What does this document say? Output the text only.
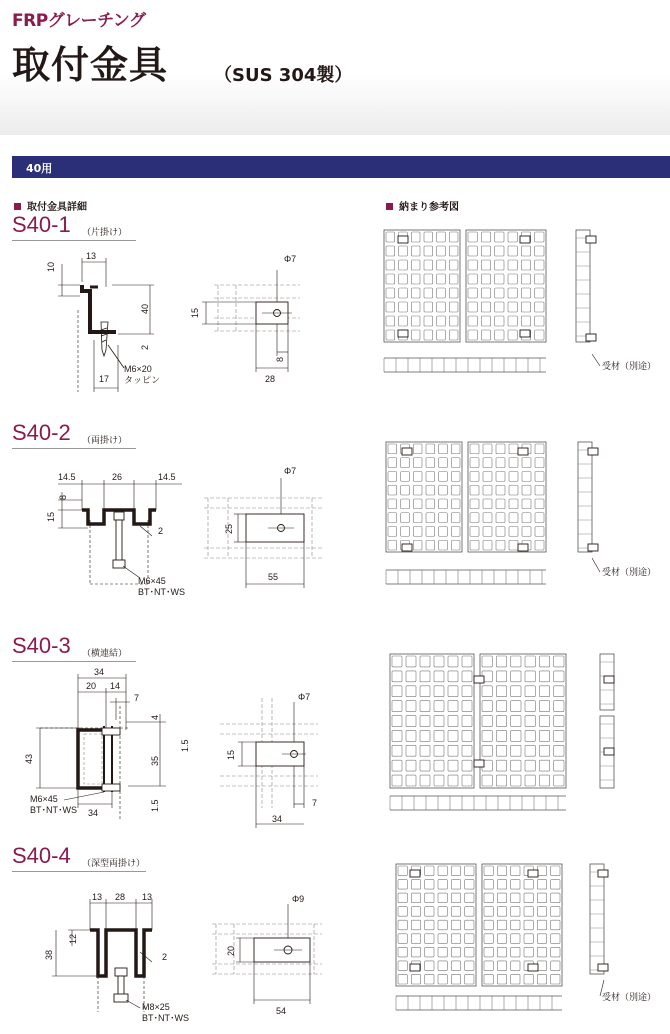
FRPグレーチング
取付金具	（SUS 304製）
40用
取付金具詳細	納まり参考図
S40-1 （片掛け）
S40-2 （両掛け）
S40-3 （横連結）
S40-4 （深型両掛け）
13
10
40
2
17
M6×20
タッピン
Φ7
15
8
28
14.5	26	14.5
8
15
2
M6×45
BT･NT･WS
Φ7
25
55
34
20 14
7
4
43	35
1.5
1.5
34
M6×45
BT･NT･WS
Φ7
15
7
34
13 28 13
12
38	2
M8×25
BT･NT･WS
Φ9
20
54
受材（別途）
受材（別途）
受材（別途）
